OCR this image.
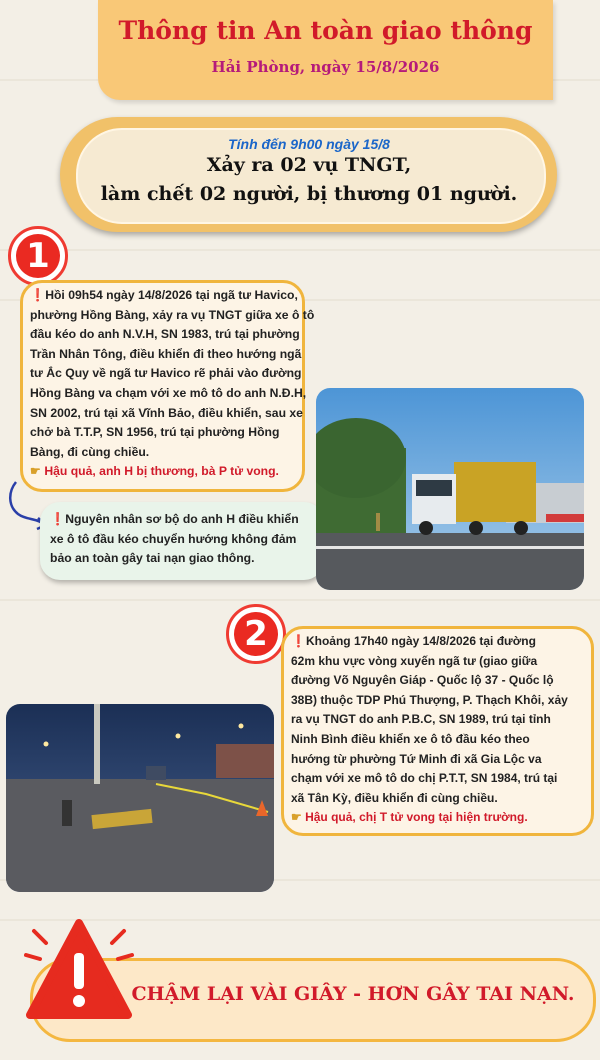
Thông tin An toàn giao thông
Hải Phòng, ngày 15/8/2026
Tính đến 9h00 ngày 15/8
Xảy ra 02 vụ TNGT,
làm chết 02 người, bị thương 01 người.
1
❗Hồi 09h54 ngày 14/8/2026 tại ngã tư Havico,
phường Hồng Bàng, xảy ra vụ TNGT giữa xe ô tô
đầu kéo do anh N.V.H, SN 1983, trú tại phường
Trần Nhân Tông, điều khiển đi theo hướng ngã
tư Ắc Quy về ngã tư Havico rẽ phải vào đường
Hồng Bàng va chạm với xe mô tô do anh N.Đ.H,
SN 2002, trú tại xã Vĩnh Bảo, điều khiển, sau xe
chở bà T.T.P, SN 1956, trú tại phường Hồng
Bàng, đi cùng chiều.
☛ Hậu quả, anh H bị thương, bà P tử vong.
❗Nguyên nhân sơ bộ do anh H điều khiển
xe ô tô đầu kéo chuyển hướng không đảm
bảo an toàn gây tai nạn giao thông.
2	❗Khoảng 17h40 ngày 14/8/2026 tại đường
62m khu vực vòng xuyến ngã tư (giao giữa
đường Võ Nguyên Giáp - Quốc lộ 37 - Quốc lộ
38B) thuộc TDP Phú Thượng, P. Thạch Khôi, xảy
ra vụ TNGT do anh P.B.C, SN 1989, trú tại tỉnh
Ninh Bình điều khiển xe ô tô đầu kéo theo
hướng từ phường Tứ Minh đi xã Gia Lộc va
chạm với xe mô tô do chị P.T.T, SN 1984, trú tại
xã Tân Kỳ, điều khiển đi cùng chiều.
☛ Hậu quả, chị T tử vong tại hiện trường.
CHẬM LẠI VÀI GIÂY - HƠN GÂY TAI NẠN.
